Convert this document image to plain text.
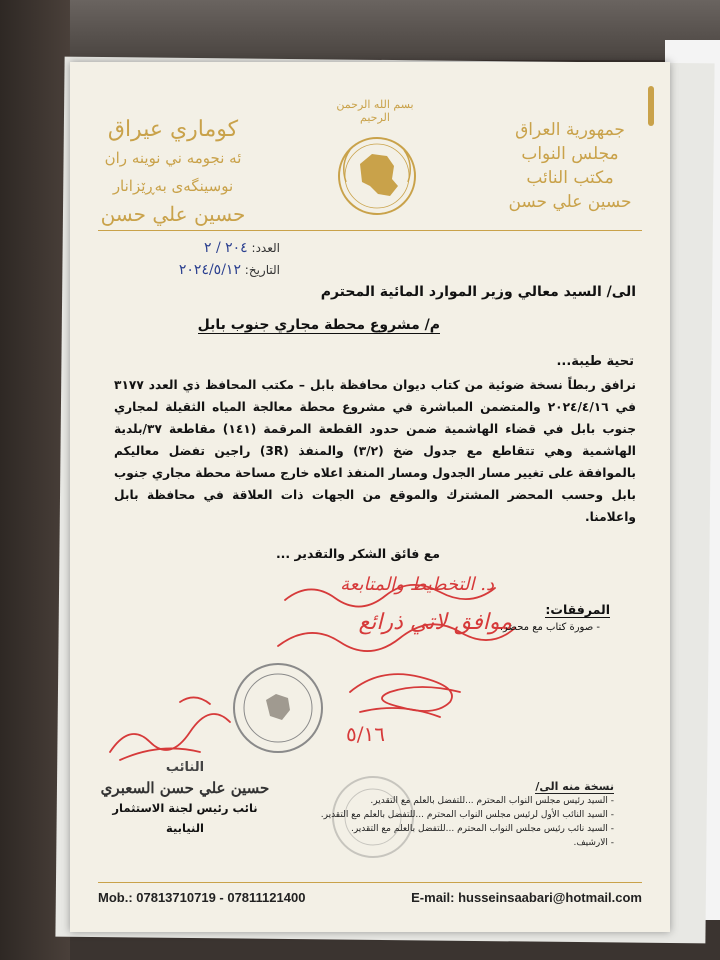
جمهورية العراق
مجلس النواب
مكتب النائب
حسين علي حسن
بسم الله الرحمن الرحيم
كوماري عيراق
ئه نجومه ني نوينه ران
نوسينگەی بەڕێزانار
حسين علي حسن
العدد: ٢٠٤ / ٢
التاريخ: ٢٠٢٤/٥/١٢
الى/ السيد معالي وزير الموارد المائية المحترم
م/ مشروع محطة مجاري جنوب بابل
تحية طيبة...
نرافق ربطاً نسخة ضوئية من كتاب ديوان محافظة بابل – مكتب المحافظ ذي العدد ٣١٧٧ في ٢٠٢٤/٤/١٦ والمتضمن المباشرة في مشروع محطة معالجة المياه الثقيلة لمجاري جنوب بابل في قضاء الهاشمية ضمن حدود القطعة المرقمة (١٤١) مقاطعة ٣٧/بلدية الهاشمية وهي تتقاطع مع جدول ضخ (٣/٢) والمنفذ (3R) راجين تفضل معاليكم بالموافقة على تغيير مسار الجدول ومسار المنفذ اعلاه خارج مساحة محطة مجاري جنوب بابل وحسب المحضر المشترك والموقع من الجهات ذات العلاقة في محافظة بابل واعلامنا.
مع فائق الشكر والتقدير ...
د. التخطيط والمتابعة
موافق لاتي ذرائع
المرفقات:
- صورة كتاب مع محضر.
٥/١٦
النائب
حسين علي حسن السعبري
نائب رئيس لجنة الاستثمار النيابية
نسخة منه الى/
- السيد رئيس مجلس النواب المحترم ...للتفضل بالعلم مع التقدير.
- السيد النائب الأول لرئيس مجلس النواب المحترم ...للتفضل بالعلم مع التقدير.
- السيد نائب رئيس مجلس النواب المحترم ...للتفضل بالعلم مع التقدير.
- الارشيف.
Mob.: 07813710719 - 07811121400	E-mail: husseinsaabari@hotmail.com
